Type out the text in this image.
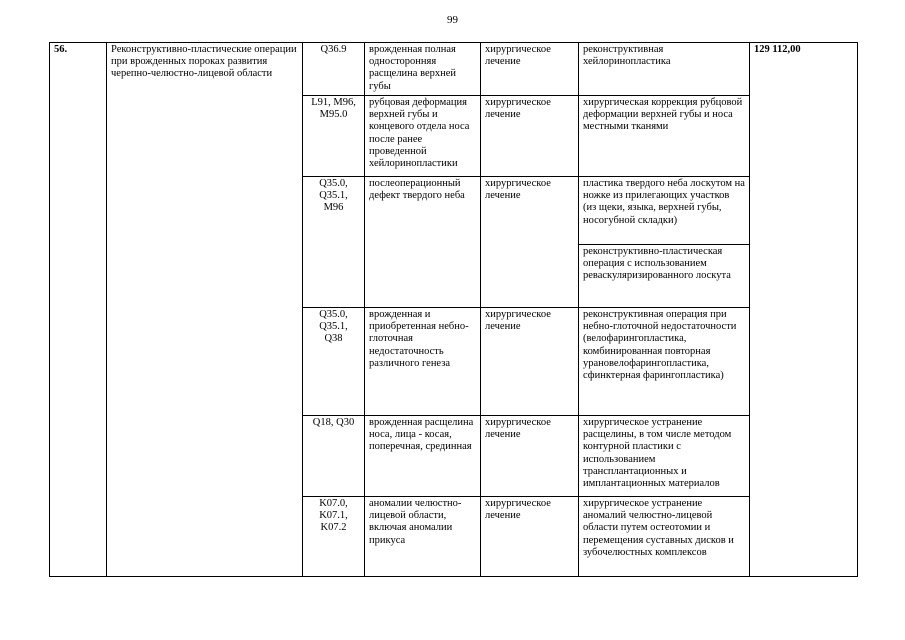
99
56.	Реконструктивно-пластические операции при врожденных пороках развития черепно-челюстно-лицевой области	Q36.9	врожденная полная односторонняя расщелина верхней губы	хирургическое лечение	реконструктивная хейлоринопластика	129 112,00
		L91, M96,
M95.0	рубцовая деформация верхней губы и концевого отдела носа после ранее проведенной хейлоринопластики	хирургическое лечение	хирургическая коррекция рубцовой деформации верхней губы и носа местными тканями	
		Q35.0,
Q35.1,
M96	послеоперационный дефект твердого неба	хирургическое лечение	пластика твердого неба лоскутом на ножке из прилегающих участков (из щеки, языка, верхней губы, носогубной складки)	
					реконструктивно-пластическая операция с использованием реваскуляризированного лоскута	
		Q35.0,
Q35.1,
Q38	врожденная и приобретенная небно-глоточная недостаточность различного генеза	хирургическое лечение	реконструктивная операция при небно-глоточной недостаточности (велофарингопластика, комбинированная повторная урановелофарингопластика, сфинктерная фарингопластика)	
		Q18, Q30	врожденная расщелина носа, лица - косая, поперечная, срединная	хирургическое лечение	хирургическое устранение расщелины, в том числе методом контурной пластики с использованием трансплантационных и имплантационных материалов	
		K07.0,
K07.1,
K07.2	аномалии челюстно-лицевой области, включая аномалии прикуса	хирургическое лечение	хирургическое устранение аномалий челюстно-лицевой области путем остеотомии и перемещения суставных дисков и зубочелюстных комплексов	
